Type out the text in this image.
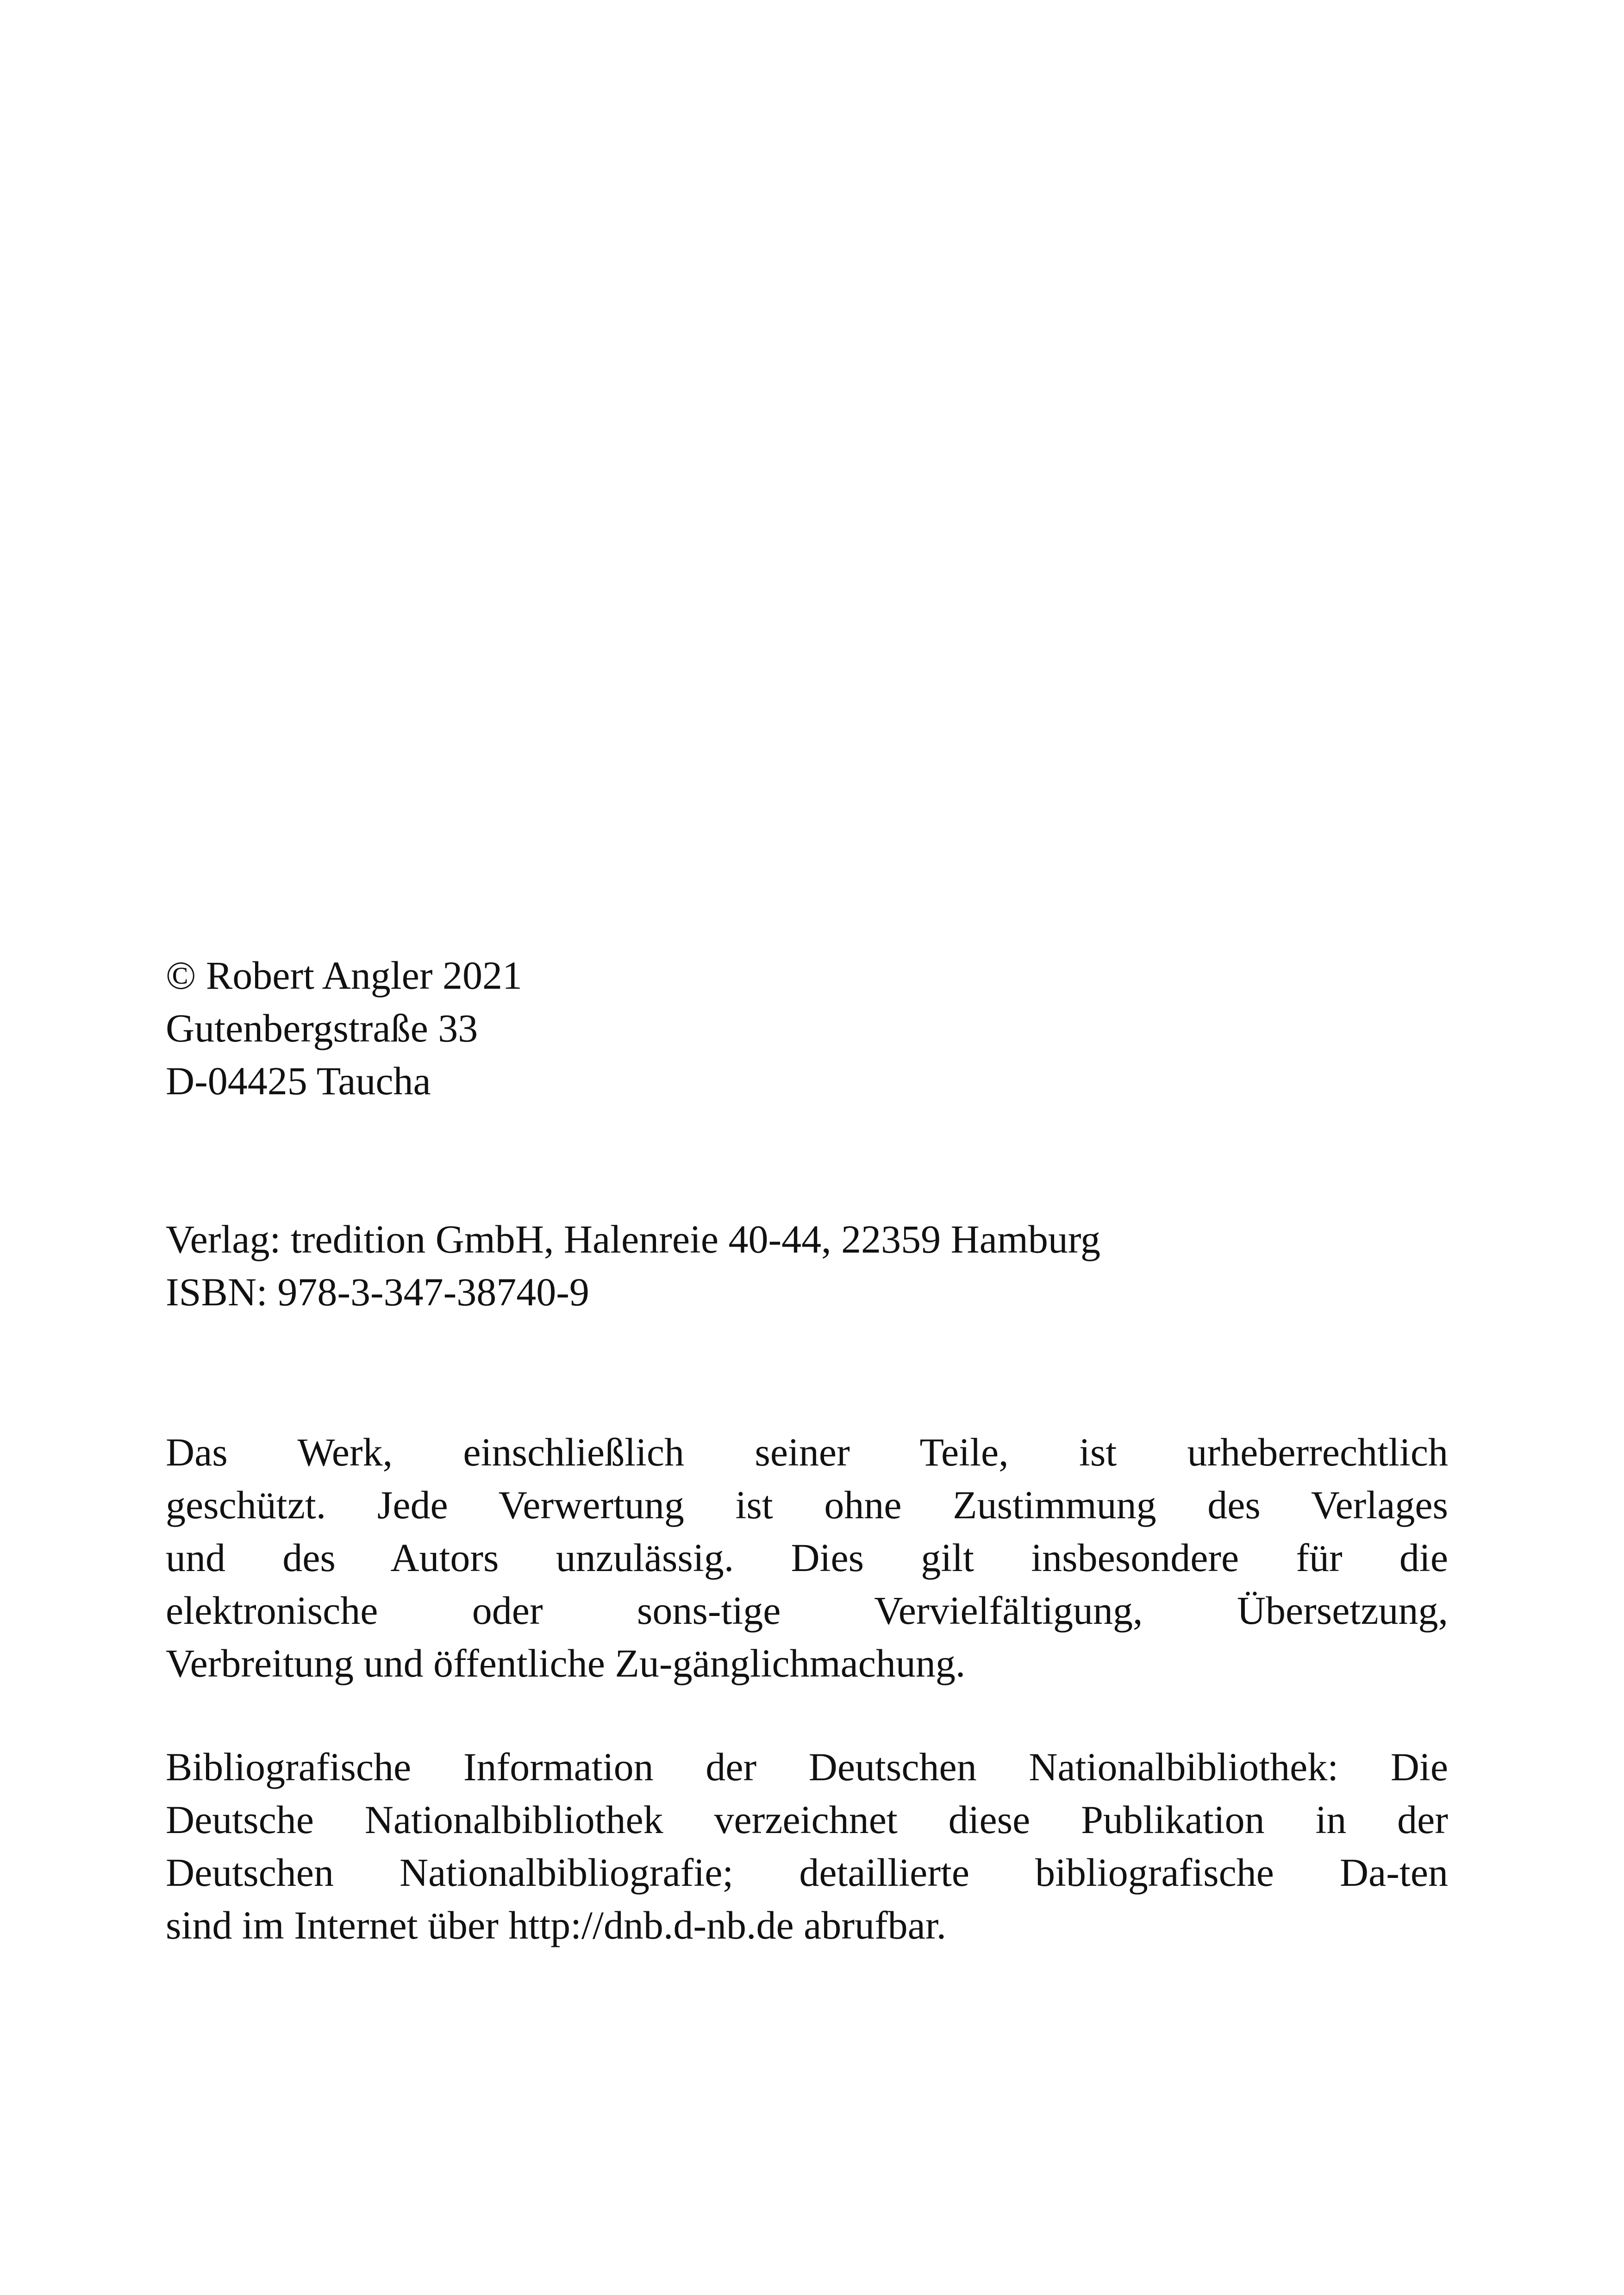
© Robert Angler 2021
Gutenbergstraße 33
D-04425 Taucha
Verlag: tredition GmbH, Halenreie 40-44, 22359 Hamburg
ISBN: 978-3-347-38740-9
Das Werk, einschließlich seiner Teile, ist urheberrechtlich
geschützt. Jede Verwertung ist ohne Zustimmung des Verlages
und des Autors unzulässig. Dies gilt insbesondere für die
elektronische oder sons-tige Vervielfältigung, Übersetzung,
Verbreitung und öffentliche Zu-gänglichmachung.
Bibliografische Information der Deutschen Nationalbibliothek: Die
Deutsche Nationalbibliothek verzeichnet diese Publikation in der
Deutschen Nationalbibliografie; detaillierte bibliografische Da-ten
sind im Internet über http://dnb.d-nb.de abrufbar.
